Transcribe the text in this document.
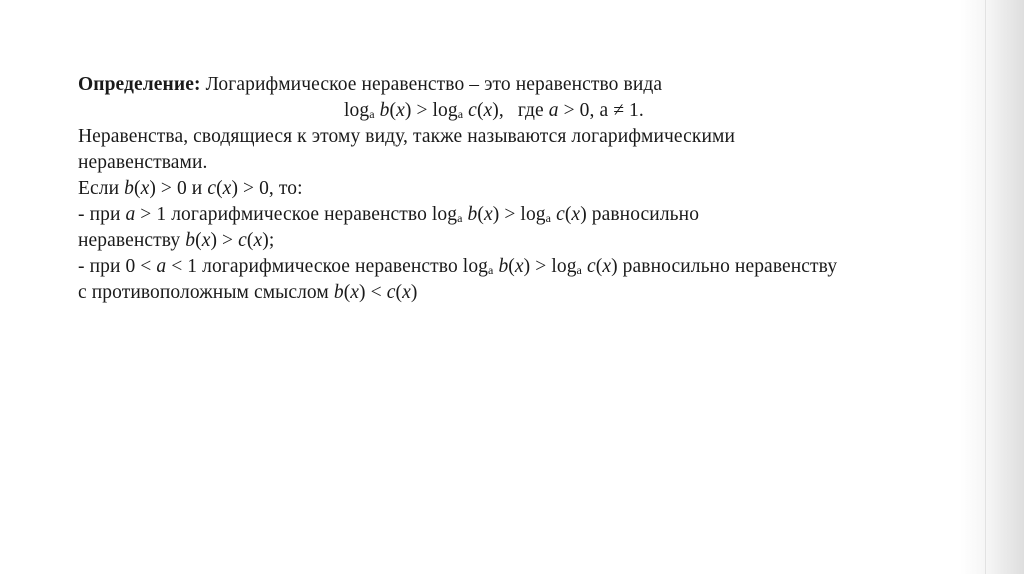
Определение: Логарифмическое неравенство – это неравенство вида
$\log_a b(x) > \log_a c(x)$, где a > 0, а ≠ 1.
Неравенства, сводящиеся к этому виду, также называются логарифмическими
неравенствами.
Если b(x) > 0 и c(x) > 0, то:
- при a > 1 логарифмическое неравенство $\log_a b(x) > \log_a c(x)$ равносильно
неравенству b(x) > c(x);
- при 0 < a < 1 логарифмическое неравенство $\log_a b(x) > \log_a c(x)$ равносильно неравенству
с противоположным смыслом b(x) < c(x)
